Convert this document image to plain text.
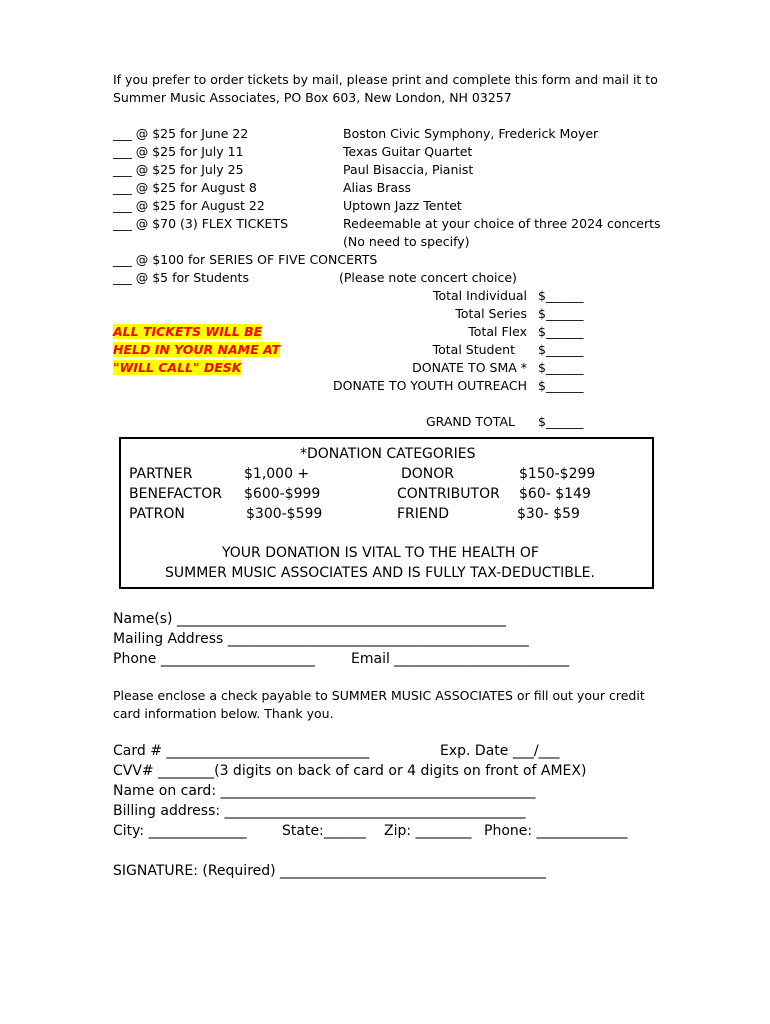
If you prefer to order tickets by mail, please print and complete this form and mail it to
Summer Music Associates, PO Box 603, New London, NH 03257
___ @ $25 for June 22	Boston Civic Symphony, Frederick Moyer
___ @ $25 for July 11	Texas Guitar Quartet
___ @ $25 for July 25	Paul Bisaccia, Pianist
___ @ $25 for August 8	Alias Brass
___ @ $25 for August 22	Uptown Jazz Tentet
___ @ $70 (3) FLEX TICKETS	Redeemable at your choice of three 2024 concerts
(No need to specify)
___ @ $100 for SERIES OF FIVE CONCERTS
___ @ $5 for Students	(Please note concert choice)
Total Individual $______
Total Series $______
Total Flex $______
Total Student $______
DONATE TO SMA * $______
DONATE TO YOUTH OUTREACH $______
GRAND TOTAL $______
ALL TICKETS WILL BE
HELD IN YOUR NAME AT
"WILL CALL" DESK
*DONATION CATEGORIES
PARTNER	$1,000 +	DONOR	$150-$299
BENEFACTOR $600-$999	CONTRIBUTOR $60- $149
PATRON	$300-$599	FRIEND	$30- $59
YOUR DONATION IS VITAL TO THE HEALTH OF
SUMMER MUSIC ASSOCIATES AND IS FULLY TAX-DEDUCTIBLE.
Name(s) _______________________________________________
Mailing Address ___________________________________________
Phone ______________________	Email _________________________
Please enclose a check payable to SUMMER MUSIC ASSOCIATES or fill out your credit
card information below. Thank you.
Card # _____________________________	Exp. Date ___/___
CVV# ________(3 digits on back of card or 4 digits on front of AMEX)
Name on card: _____________________________________________
Billing address: ___________________________________________
City: ______________	State:______ Zip: ________ Phone: _____________
SIGNATURE: (Required) ______________________________________
